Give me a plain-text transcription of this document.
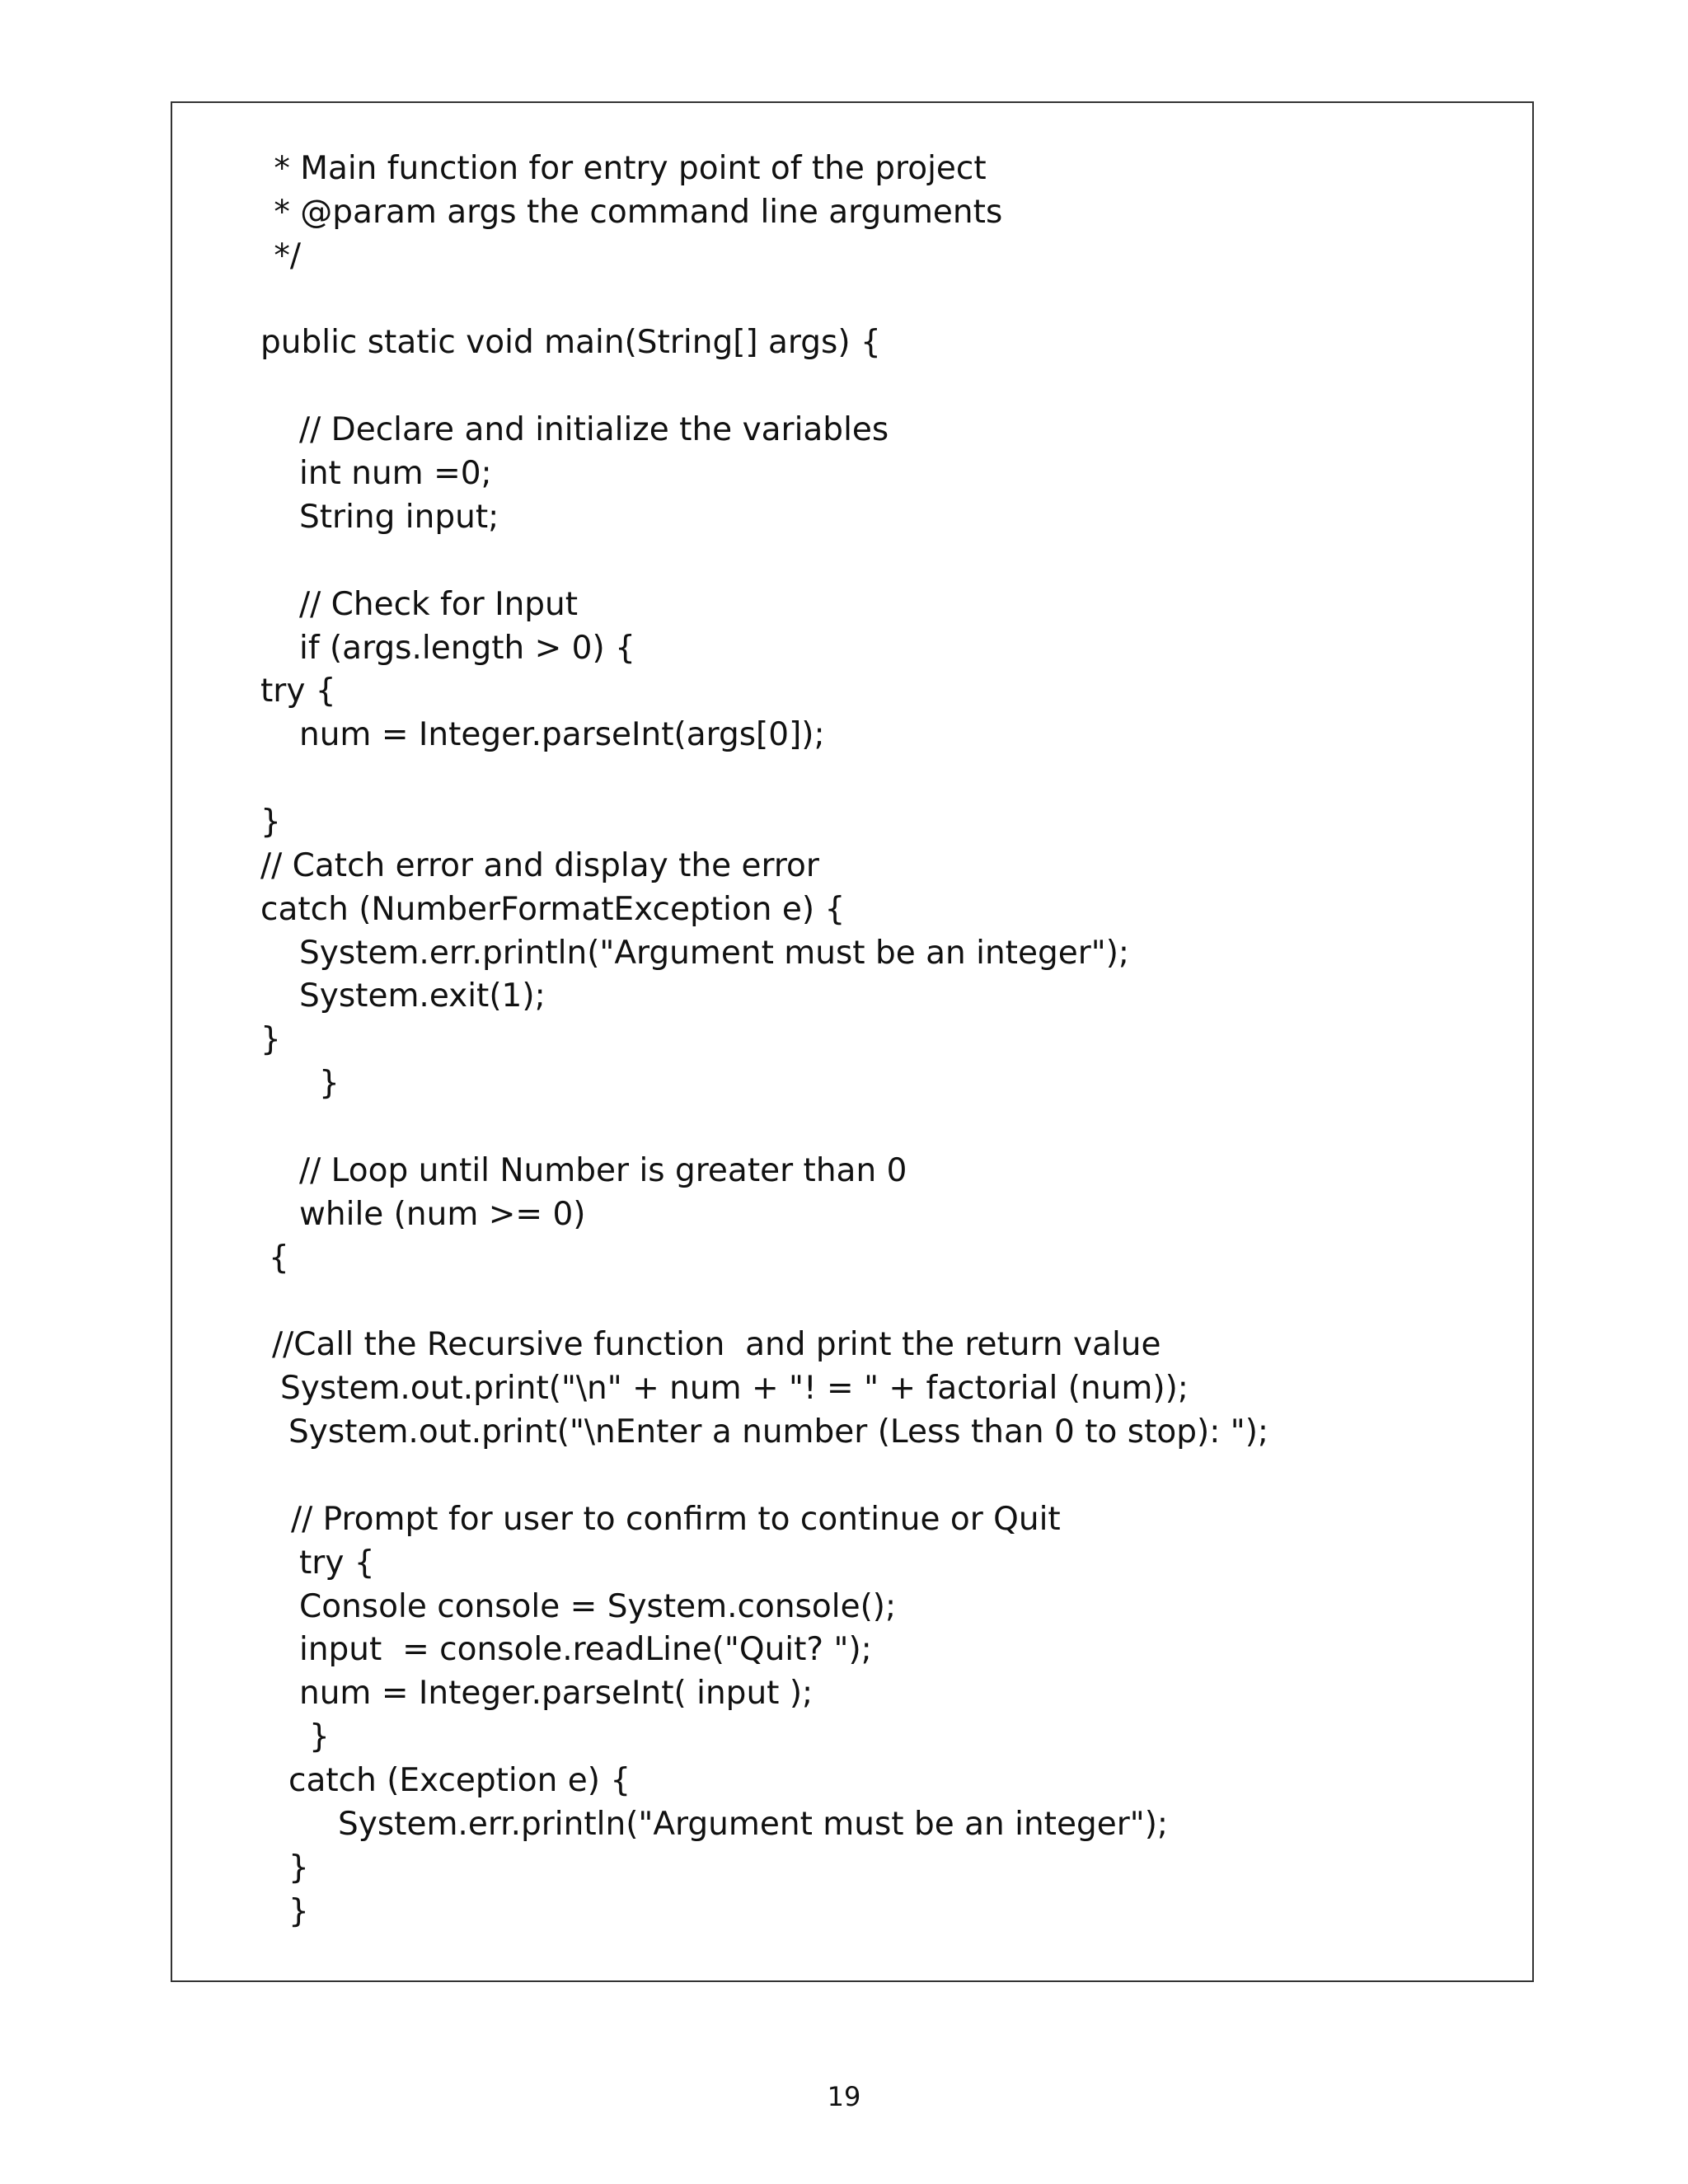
* Main function for entry point of the project
* @param args the command line arguments
*/
public static void main(String[] args) {
// Declare and initialize the variables
int num =0;
String input;
// Check for Input
if (args.length > 0) {
try {
num = Integer.parseInt(args[0]);
}
// Catch error and display the error
catch (NumberFormatException e) {
System.err.println("Argument must be an integer");
System.exit(1);
}
}
// Loop until Number is greater than 0
while (num >= 0)
{
//Call the Recursive function  and print the return value
System.out.print("\n" + num + "! = " + factorial (num));
System.out.print("\nEnter a number (Less than 0 to stop): ");
// Prompt for user to confirm to continue or Quit
try {
Console console = System.console();
input  = console.readLine("Quit? ");
num = Integer.parseInt( input );
}
catch (Exception e) {
System.err.println("Argument must be an integer");
}
}
19
